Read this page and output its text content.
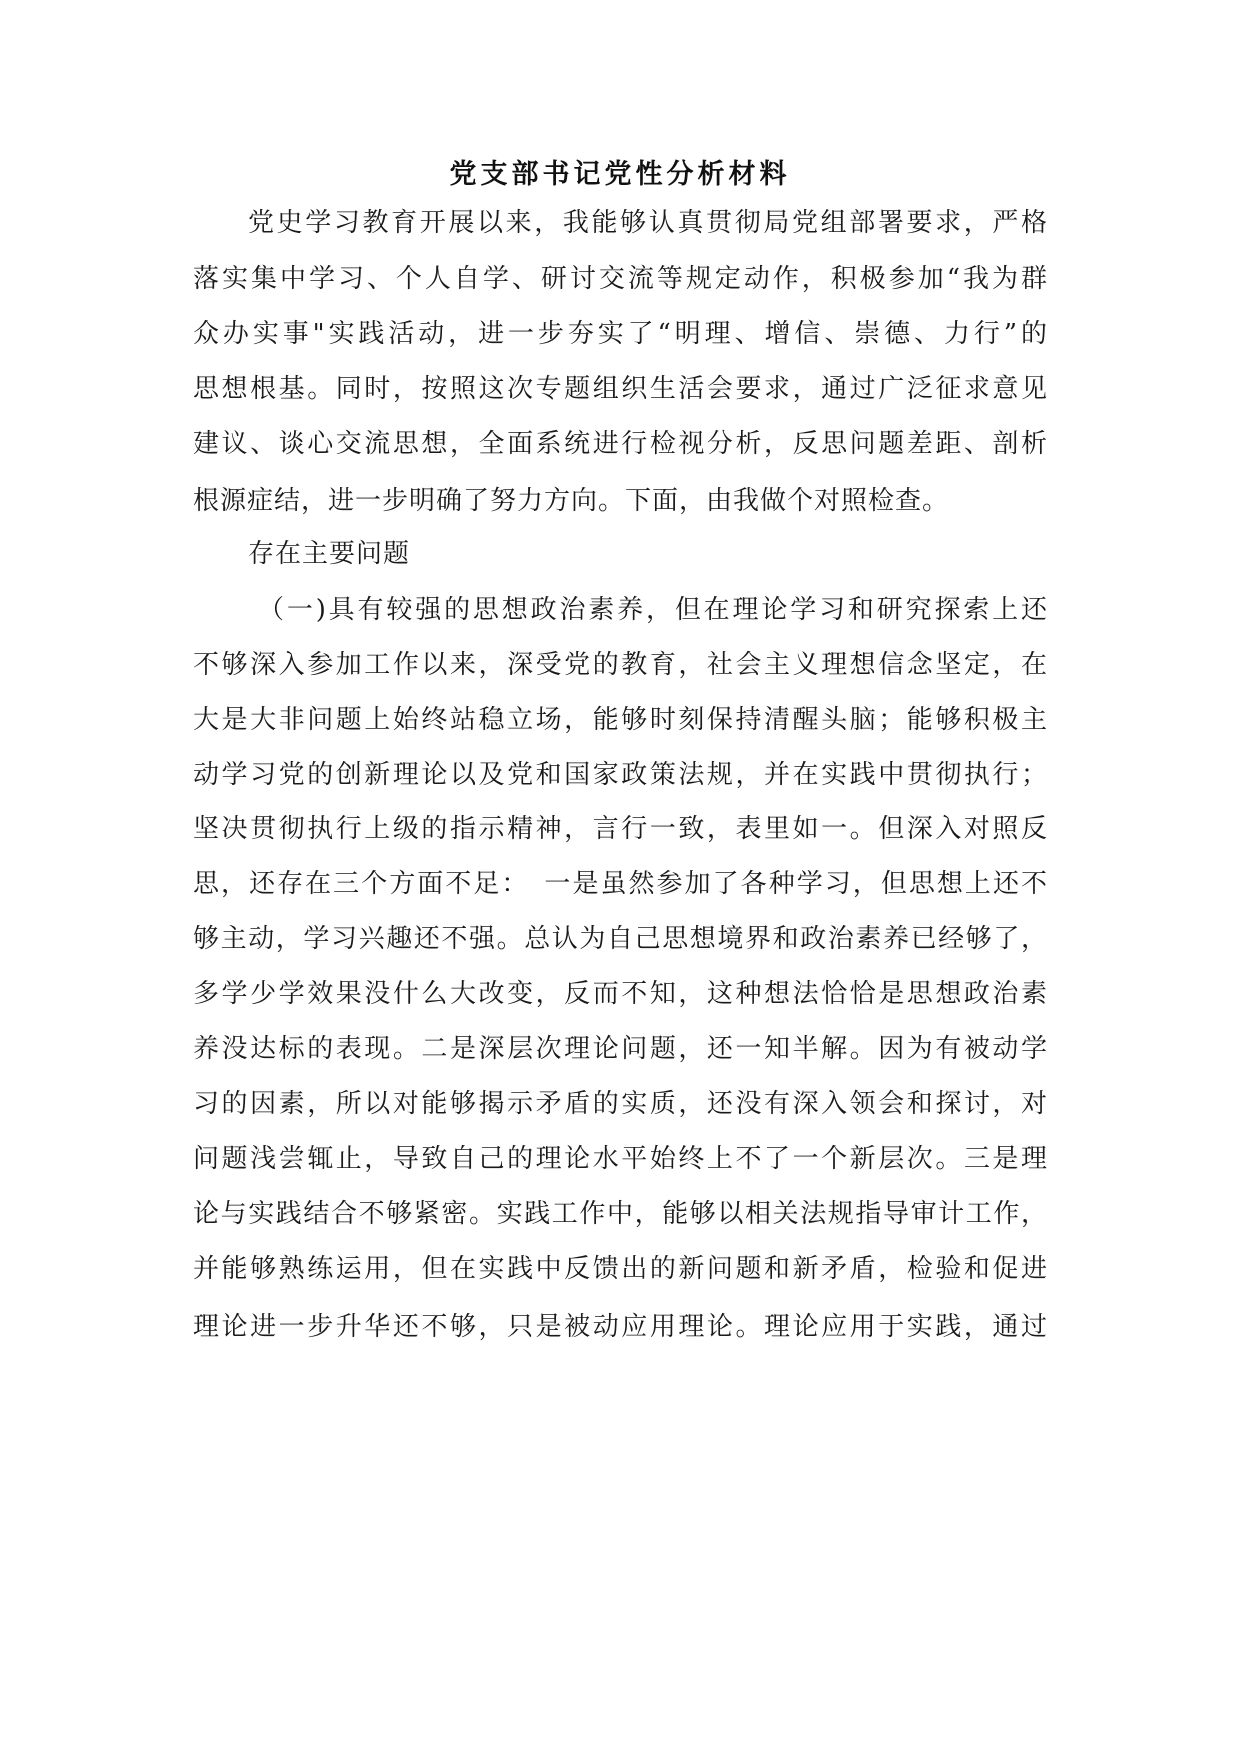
党支部书记党性分析材料

党史学习教育开展以来，我能够认真贯彻局党组部署要求，严格

落实集中学习、个人自学、研讨交流等规定动作，积极参加“我为群

众办实事"实践活动，进一步夯实了“明理、增信、崇德、力行”的

思想根基。同时，按照这次专题组织生活会要求，通过广泛征求意见

建议、谈心交流思想，全面系统进行检视分析，反思问题差距、剖析

根源症结，进一步明确了努力方向。下面，由我做个对照检查。

存在主要问题

（一)具有较强的思想政治素养，但在理论学习和研究探索上还

不够深入参加工作以来，深受党的教育，社会主义理想信念坚定，在

大是大非问题上始终站稳立场，能够时刻保持清醒头脑；能够积极主

动学习党的创新理论以及党和国家政策法规，并在实践中贯彻执行；

坚决贯彻执行上级的指示精神，言行一致，表里如一。但深入对照反

思，还存在三个方面不足：　一是虽然参加了各种学习，但思想上还不

够主动，学习兴趣还不强。总认为自己思想境界和政治素养已经够了，

多学少学效果没什么大改变，反而不知，这种想法恰恰是思想政治素

养没达标的表现。二是深层次理论问题，还一知半解。因为有被动学

习的因素，所以对能够揭示矛盾的实质，还没有深入领会和探讨，对

问题浅尝辄止，导致自己的理论水平始终上不了一个新层次。三是理

论与实践结合不够紧密。实践工作中，能够以相关法规指导审计工作，

并能够熟练运用，但在实践中反馈出的新问题和新矛盾，检验和促进

理论进一步升华还不够，只是被动应用理论。理论应用于实践，通过
